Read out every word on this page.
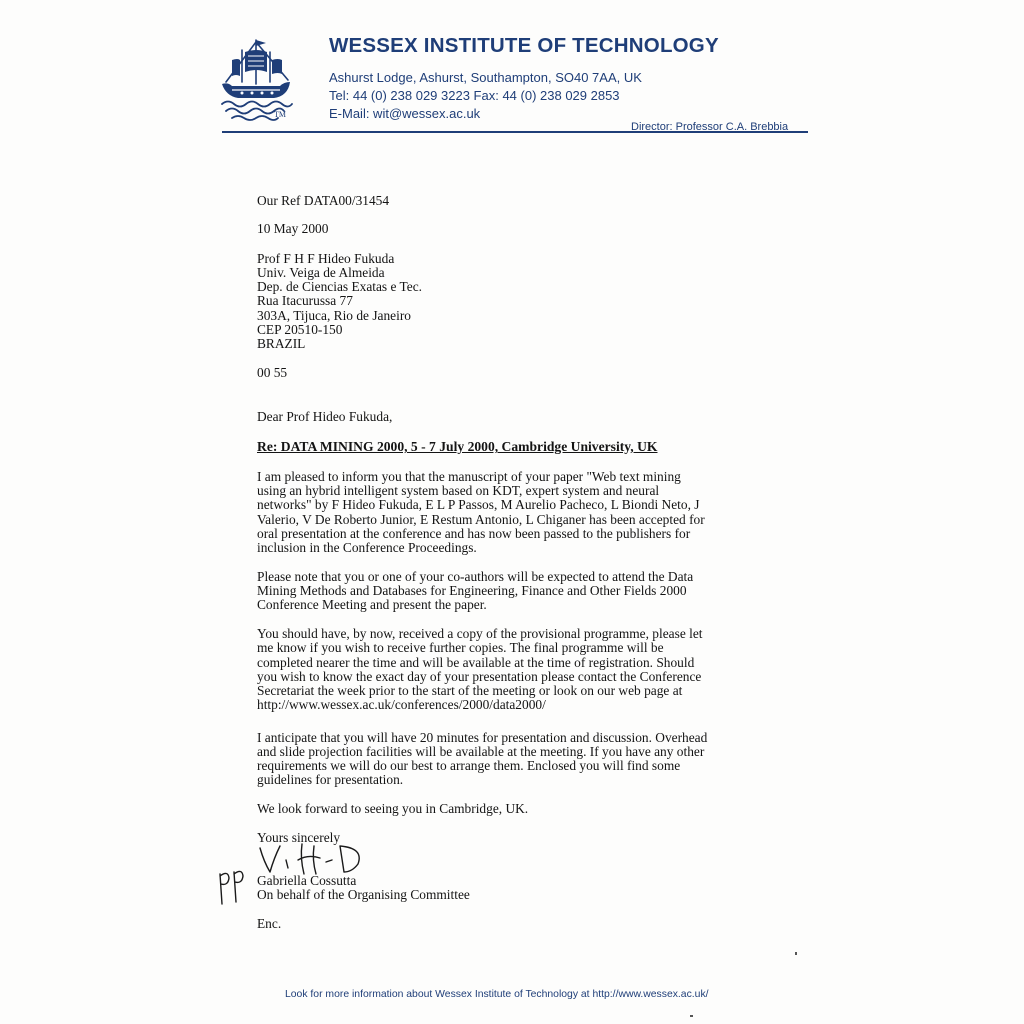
TM
WESSEX INSTITUTE OF TECHNOLOGY
Ashurst Lodge, Ashurst, Southampton, SO40 7AA, UK
Tel: 44 (0) 238 029 3223 Fax: 44 (0) 238 029 2853
E-Mail: wit@wessex.ac.uk
Director: Professor C.A. Brebbia
Our Ref DATA00/31454
10 May 2000
Prof F H F Hideo Fukuda
Univ. Veiga de Almeida
Dep. de Ciencias Exatas e Tec.
Rua Itacurussa 77
303A, Tijuca, Rio de Janeiro
CEP 20510-150
BRAZIL
00 55
Dear Prof Hideo Fukuda,
Re: DATA MINING 2000, 5 - 7 July 2000, Cambridge University, UK
I am pleased to inform you that the manuscript of your paper "Web text mining
using an hybrid intelligent system based on KDT, expert system and neural
networks" by F Hideo Fukuda, E L P Passos, M Aurelio Pacheco, L Biondi Neto, J
Valerio, V De Roberto Junior, E Restum Antonio, L Chiganer has been accepted for
oral presentation at the conference and has now been passed to the publishers for
inclusion in the Conference Proceedings.
Please note that you or one of your co-authors will be expected to attend the Data
Mining Methods and Databases for Engineering, Finance and Other Fields 2000
Conference Meeting and present the paper.
You should have, by now, received a copy of the provisional programme, please let
me know if you wish to receive further copies. The final programme will be
completed nearer the time and will be available at the time of registration. Should
you wish to know the exact day of your presentation please contact the Conference
Secretariat the week prior to the start of the meeting or look on our web page at
http://www.wessex.ac.uk/conferences/2000/data2000/
I anticipate that you will have 20 minutes for presentation and discussion. Overhead
and slide projection facilities will be available at the meeting. If you have any other
requirements we will do our best to arrange them. Enclosed you will find some
guidelines for presentation.
We look forward to seeing you in Cambridge, UK.
Yours sincerely
Gabriella Cossutta
On behalf of the Organising Committee
Enc.
Look for more information about Wessex Institute of Technology at http://www.wessex.ac.uk/
